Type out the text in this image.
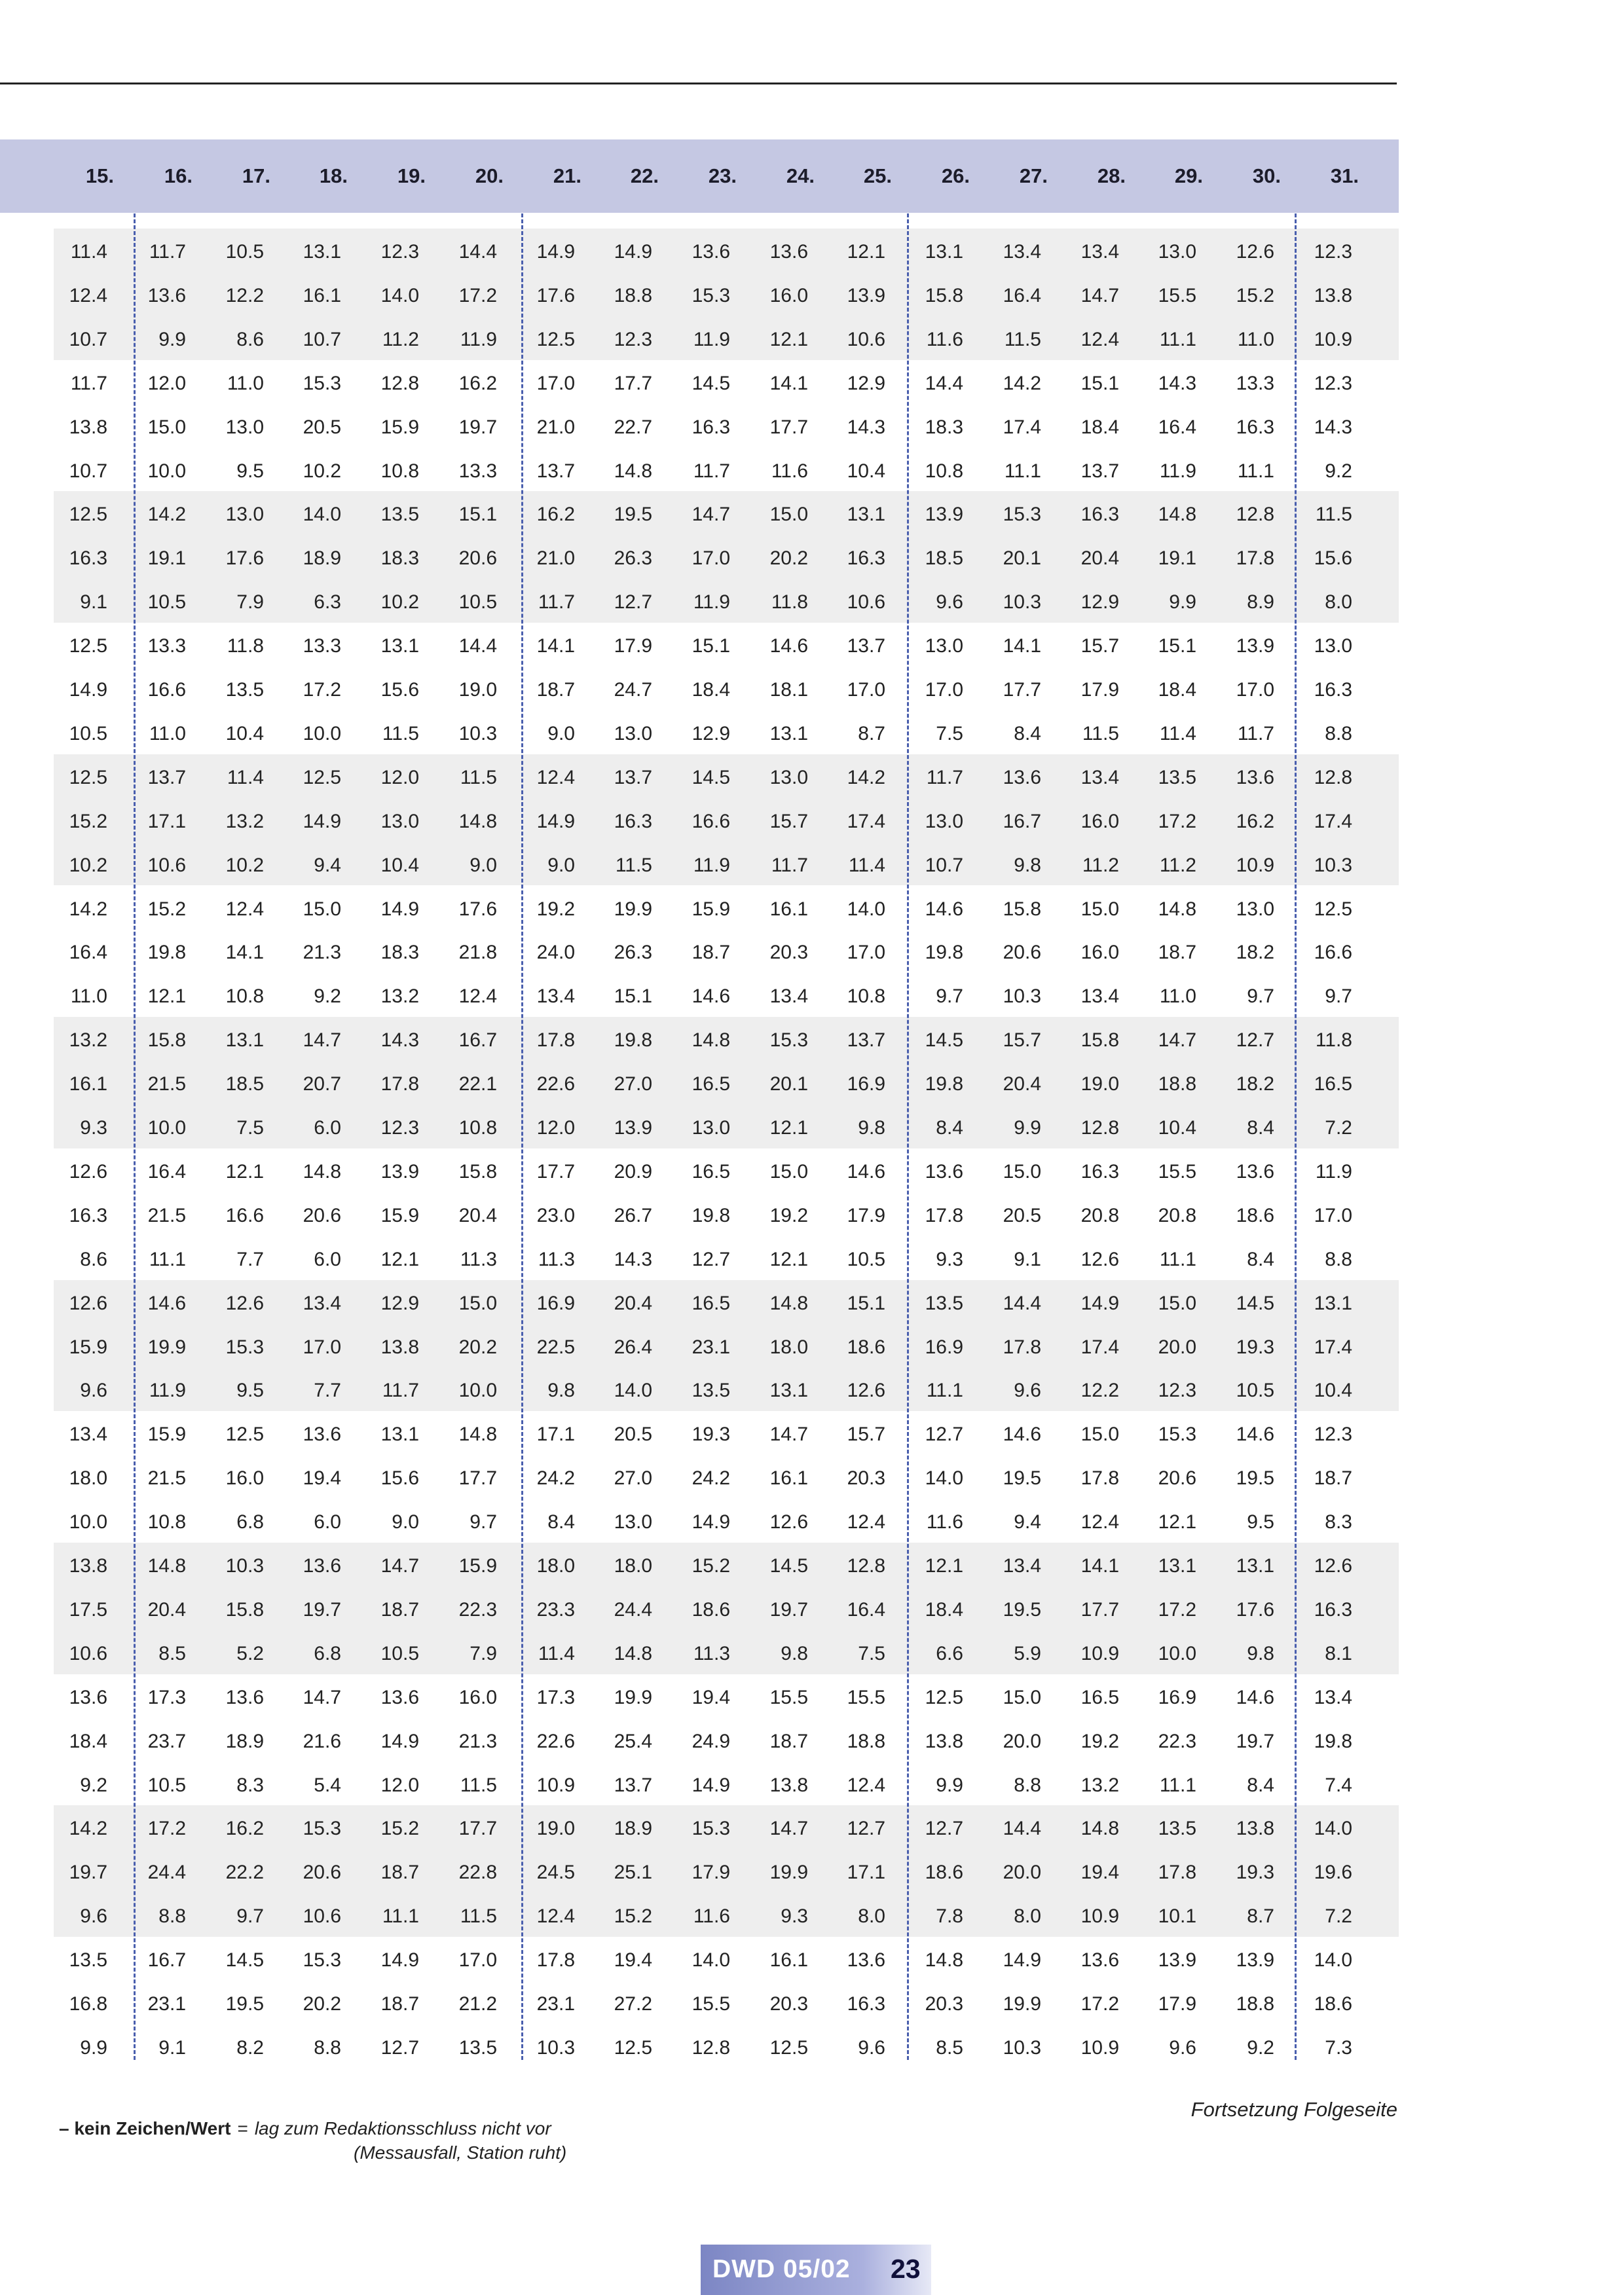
15.	16.	17.	18.	19.	20.	21.	22.	23.	24.	25.	26.	27.	28.	29.	30.	31.
11.4	11.7	10.5	13.1	12.3	14.4	14.9	14.9	13.6	13.6	12.1	13.1	13.4	13.4	13.0	12.6	12.3
12.4	13.6	12.2	16.1	14.0	17.2	17.6	18.8	15.3	16.0	13.9	15.8	16.4	14.7	15.5	15.2	13.8
10.7	9.9	8.6	10.7	11.2	11.9	12.5	12.3	11.9	12.1	10.6	11.6	11.5	12.4	11.1	11.0	10.9
11.7	12.0	11.0	15.3	12.8	16.2	17.0	17.7	14.5	14.1	12.9	14.4	14.2	15.1	14.3	13.3	12.3
13.8	15.0	13.0	20.5	15.9	19.7	21.0	22.7	16.3	17.7	14.3	18.3	17.4	18.4	16.4	16.3	14.3
10.7	10.0	9.5	10.2	10.8	13.3	13.7	14.8	11.7	11.6	10.4	10.8	11.1	13.7	11.9	11.1	9.2
12.5	14.2	13.0	14.0	13.5	15.1	16.2	19.5	14.7	15.0	13.1	13.9	15.3	16.3	14.8	12.8	11.5
16.3	19.1	17.6	18.9	18.3	20.6	21.0	26.3	17.0	20.2	16.3	18.5	20.1	20.4	19.1	17.8	15.6
9.1	10.5	7.9	6.3	10.2	10.5	11.7	12.7	11.9	11.8	10.6	9.6	10.3	12.9	9.9	8.9	8.0
12.5	13.3	11.8	13.3	13.1	14.4	14.1	17.9	15.1	14.6	13.7	13.0	14.1	15.7	15.1	13.9	13.0
14.9	16.6	13.5	17.2	15.6	19.0	18.7	24.7	18.4	18.1	17.0	17.0	17.7	17.9	18.4	17.0	16.3
10.5	11.0	10.4	10.0	11.5	10.3	9.0	13.0	12.9	13.1	8.7	7.5	8.4	11.5	11.4	11.7	8.8
12.5	13.7	11.4	12.5	12.0	11.5	12.4	13.7	14.5	13.0	14.2	11.7	13.6	13.4	13.5	13.6	12.8
15.2	17.1	13.2	14.9	13.0	14.8	14.9	16.3	16.6	15.7	17.4	13.0	16.7	16.0	17.2	16.2	17.4
10.2	10.6	10.2	9.4	10.4	9.0	9.0	11.5	11.9	11.7	11.4	10.7	9.8	11.2	11.2	10.9	10.3
14.2	15.2	12.4	15.0	14.9	17.6	19.2	19.9	15.9	16.1	14.0	14.6	15.8	15.0	14.8	13.0	12.5
16.4	19.8	14.1	21.3	18.3	21.8	24.0	26.3	18.7	20.3	17.0	19.8	20.6	16.0	18.7	18.2	16.6
11.0	12.1	10.8	9.2	13.2	12.4	13.4	15.1	14.6	13.4	10.8	9.7	10.3	13.4	11.0	9.7	9.7
13.2	15.8	13.1	14.7	14.3	16.7	17.8	19.8	14.8	15.3	13.7	14.5	15.7	15.8	14.7	12.7	11.8
16.1	21.5	18.5	20.7	17.8	22.1	22.6	27.0	16.5	20.1	16.9	19.8	20.4	19.0	18.8	18.2	16.5
9.3	10.0	7.5	6.0	12.3	10.8	12.0	13.9	13.0	12.1	9.8	8.4	9.9	12.8	10.4	8.4	7.2
12.6	16.4	12.1	14.8	13.9	15.8	17.7	20.9	16.5	15.0	14.6	13.6	15.0	16.3	15.5	13.6	11.9
16.3	21.5	16.6	20.6	15.9	20.4	23.0	26.7	19.8	19.2	17.9	17.8	20.5	20.8	20.8	18.6	17.0
8.6	11.1	7.7	6.0	12.1	11.3	11.3	14.3	12.7	12.1	10.5	9.3	9.1	12.6	11.1	8.4	8.8
12.6	14.6	12.6	13.4	12.9	15.0	16.9	20.4	16.5	14.8	15.1	13.5	14.4	14.9	15.0	14.5	13.1
15.9	19.9	15.3	17.0	13.8	20.2	22.5	26.4	23.1	18.0	18.6	16.9	17.8	17.4	20.0	19.3	17.4
9.6	11.9	9.5	7.7	11.7	10.0	9.8	14.0	13.5	13.1	12.6	11.1	9.6	12.2	12.3	10.5	10.4
13.4	15.9	12.5	13.6	13.1	14.8	17.1	20.5	19.3	14.7	15.7	12.7	14.6	15.0	15.3	14.6	12.3
18.0	21.5	16.0	19.4	15.6	17.7	24.2	27.0	24.2	16.1	20.3	14.0	19.5	17.8	20.6	19.5	18.7
10.0	10.8	6.8	6.0	9.0	9.7	8.4	13.0	14.9	12.6	12.4	11.6	9.4	12.4	12.1	9.5	8.3
13.8	14.8	10.3	13.6	14.7	15.9	18.0	18.0	15.2	14.5	12.8	12.1	13.4	14.1	13.1	13.1	12.6
17.5	20.4	15.8	19.7	18.7	22.3	23.3	24.4	18.6	19.7	16.4	18.4	19.5	17.7	17.2	17.6	16.3
10.6	8.5	5.2	6.8	10.5	7.9	11.4	14.8	11.3	9.8	7.5	6.6	5.9	10.9	10.0	9.8	8.1
13.6	17.3	13.6	14.7	13.6	16.0	17.3	19.9	19.4	15.5	15.5	12.5	15.0	16.5	16.9	14.6	13.4
18.4	23.7	18.9	21.6	14.9	21.3	22.6	25.4	24.9	18.7	18.8	13.8	20.0	19.2	22.3	19.7	19.8
9.2	10.5	8.3	5.4	12.0	11.5	10.9	13.7	14.9	13.8	12.4	9.9	8.8	13.2	11.1	8.4	7.4
14.2	17.2	16.2	15.3	15.2	17.7	19.0	18.9	15.3	14.7	12.7	12.7	14.4	14.8	13.5	13.8	14.0
19.7	24.4	22.2	20.6	18.7	22.8	24.5	25.1	17.9	19.9	17.1	18.6	20.0	19.4	17.8	19.3	19.6
9.6	8.8	9.7	10.6	11.1	11.5	12.4	15.2	11.6	9.3	8.0	7.8	8.0	10.9	10.1	8.7	7.2
13.5	16.7	14.5	15.3	14.9	17.0	17.8	19.4	14.0	16.1	13.6	14.8	14.9	13.6	13.9	13.9	14.0
16.8	23.1	19.5	20.2	18.7	21.2	23.1	27.2	15.5	20.3	16.3	20.3	19.9	17.2	17.9	18.8	18.6
9.9	9.1	8.2	8.8	12.7	13.5	10.3	12.5	12.8	12.5	9.6	8.5	10.3	10.9	9.6	9.2	7.3
– kein Zeichen/Wert = lag zum Redaktionsschluss nicht vor
(Messausfall, Station ruht)
Fortsetzung Folgeseite
DWD 05/02 23
